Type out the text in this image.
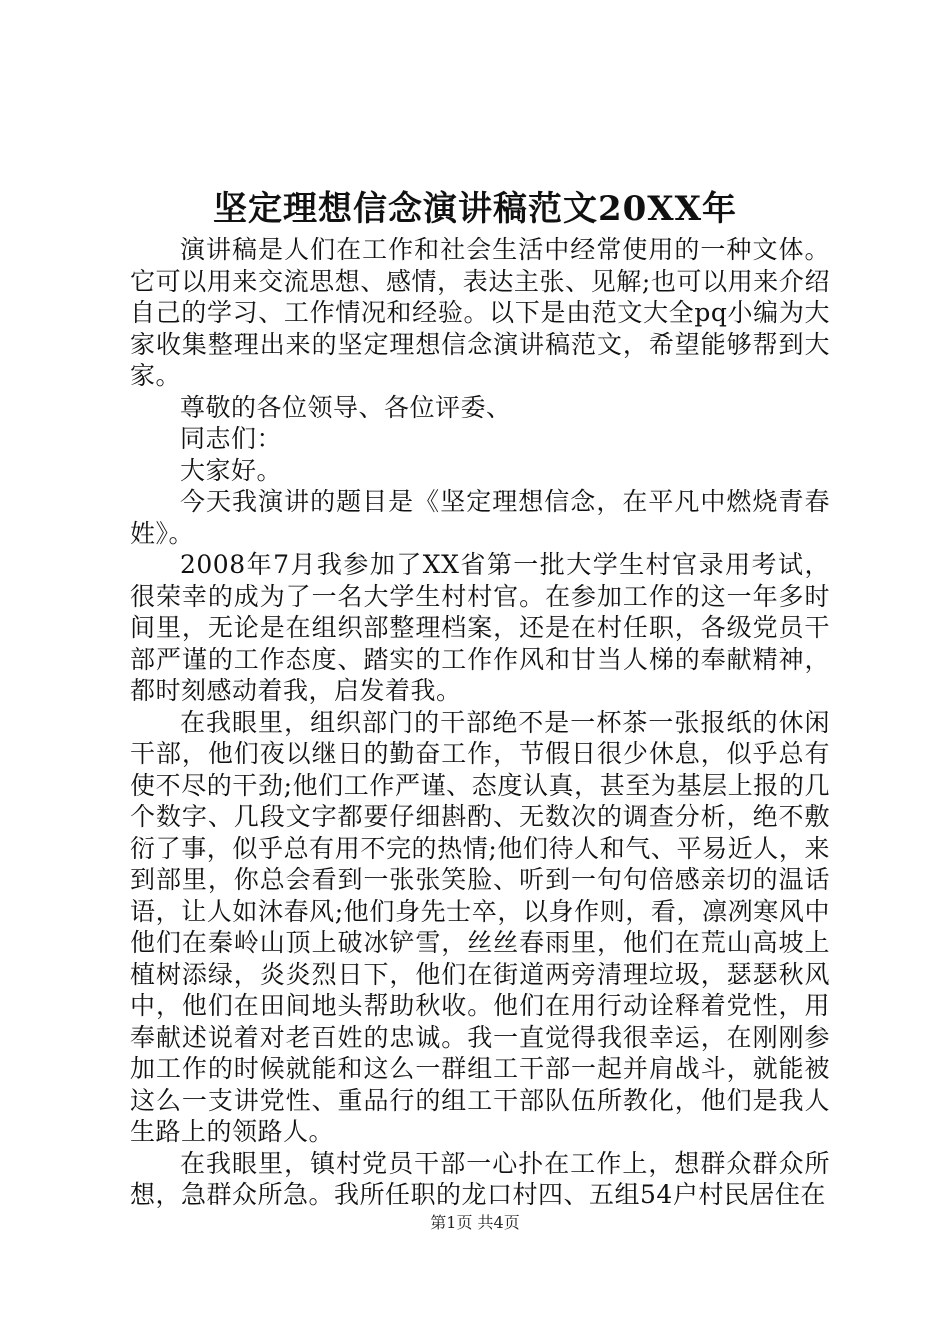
坚定理想信念演讲稿范文20XX年

演讲稿是人们在工作和社会生活中经常使用的一种文体。它可以用来交流思想、感情，表达主张、见解;也可以用来介绍自己的学习、工作情况和经验。以下是由范文大全pq小编为大家收集整理出来的坚定理想信念演讲稿范文，希望能够帮到大家。

尊敬的各位领导、各位评委、

同志们：

大家好。

今天我演讲的题目是《坚定理想信念，在平凡中燃烧青春姓》。

2008年7月我参加了XX省第一批大学生村官录用考试，很荣幸的成为了一名大学生村村官。在参加工作的这一年多时间里，无论是在组织部整理档案，还是在村任职，各级党员干部严谨的工作态度、踏实的工作作风和甘当人梯的奉献精神，都时刻感动着我，启发着我。

在我眼里，组织部门的干部绝不是一杯茶一张报纸的休闲干部，他们夜以继日的勤奋工作，节假日很少休息，似乎总有使不尽的干劲;他们工作严谨、态度认真，甚至为基层上报的几个数字、几段文字都要仔细斟酌、无数次的调查分析，绝不敷衍了事，似乎总有用不完的热情;他们待人和气、平易近人，来到部里，你总会看到一张张笑脸、听到一句句倍感亲切的温话语，让人如沐春风;他们身先士卒，以身作则，看，凛冽寒风中他们在秦岭山顶上破冰铲雪，丝丝春雨里，他们在荒山高坡上植树添绿，炎炎烈日下，他们在街道两旁清理垃圾，瑟瑟秋风中，他们在田间地头帮助秋收。他们在用行动诠释着党性，用奉献述说着对老百姓的忠诚。我一直觉得我很幸运，在刚刚参加工作的时候就能和这么一群组工干部一起并肩战斗，就能被这么一支讲党性、重品行的组工干部队伍所教化，他们是我人生路上的领路人。

在我眼里，镇村党员干部一心扑在工作上，想群众群众所想，急群众所急。我所任职的龙口村四、五组54户村民居住在

第1页 共4页
